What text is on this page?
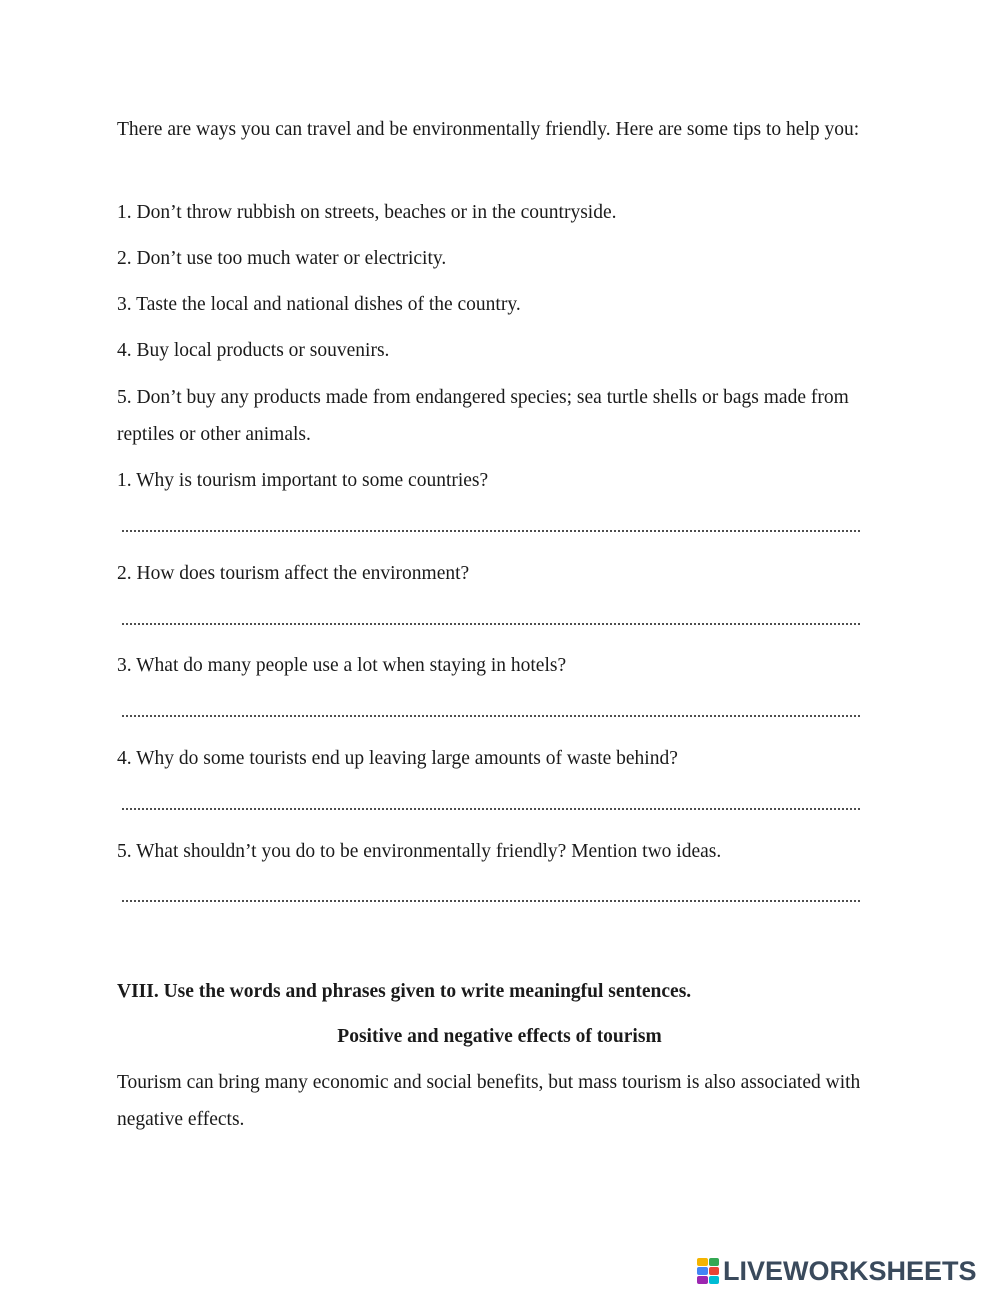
There are ways you can travel and be environmentally friendly. Here are some tips to help you:

1. Don’t throw rubbish on streets, beaches or in the countryside.

2. Don’t use too much water or electricity.

3. Taste the local and national dishes of the country.

4. Buy local products or souvenirs.

5. Don’t buy any products made from endangered species; sea turtle shells or bags made from reptiles or other animals.

1. Why is tourism important to some countries?

2. How does tourism affect the environment?

3. What do many people use a lot when staying in hotels?

4. Why do some tourists end up leaving large amounts of waste behind?

5. What shouldn’t you do to be environmentally friendly? Mention two ideas.

VIII. Use the words and phrases given to write meaningful sentences.

Positive and negative effects of tourism

Tourism can bring many economic and social benefits, but mass tourism is also associated with negative effects.

LIVEWORKSHEETS
